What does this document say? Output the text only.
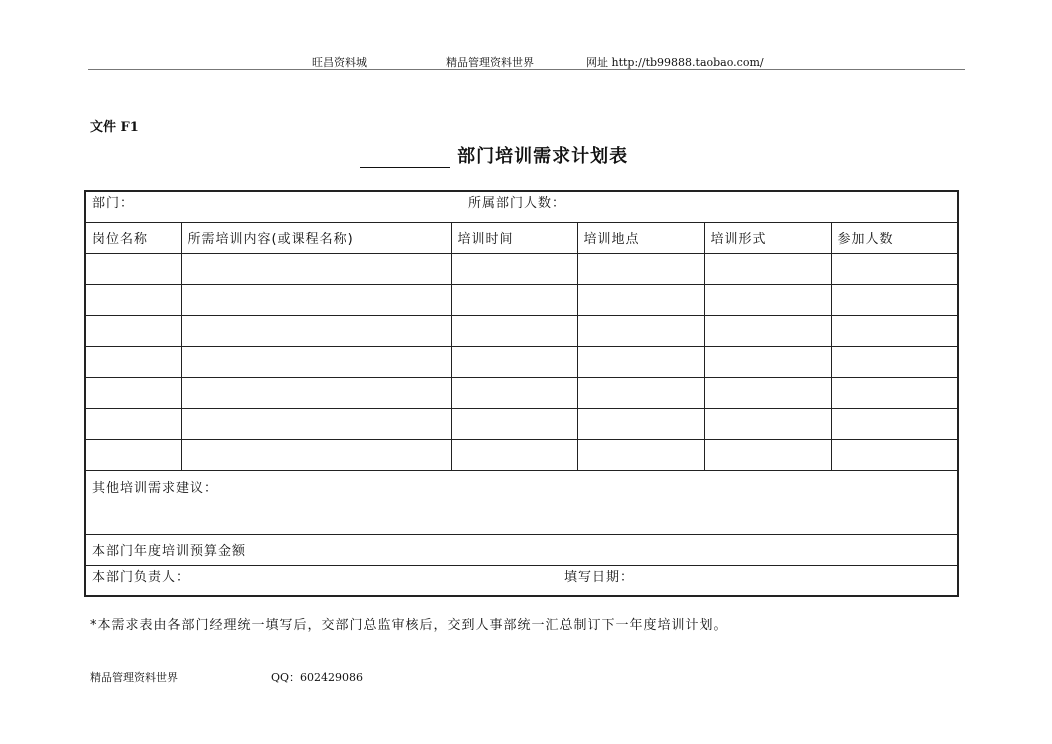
旺昌资料城	精品管理资料世界	网址 http://tb99888.taobao.com/
文件 F1
部门培训需求计划表
部门： 所属部门人数：					

岗位名称	所需培训内容(或课程名称)	培训时间	培训地点	培训形式	参加人数

其他培训需求建议：					
本部门年度培训预算金额					

本部门负责人： 填写日期：					
*本需求表由各部门经理统一填写后，交部门总监审核后，交到人事部统一汇总制订下一年度培训计划。
精品管理资料世界	QQ：602429086
